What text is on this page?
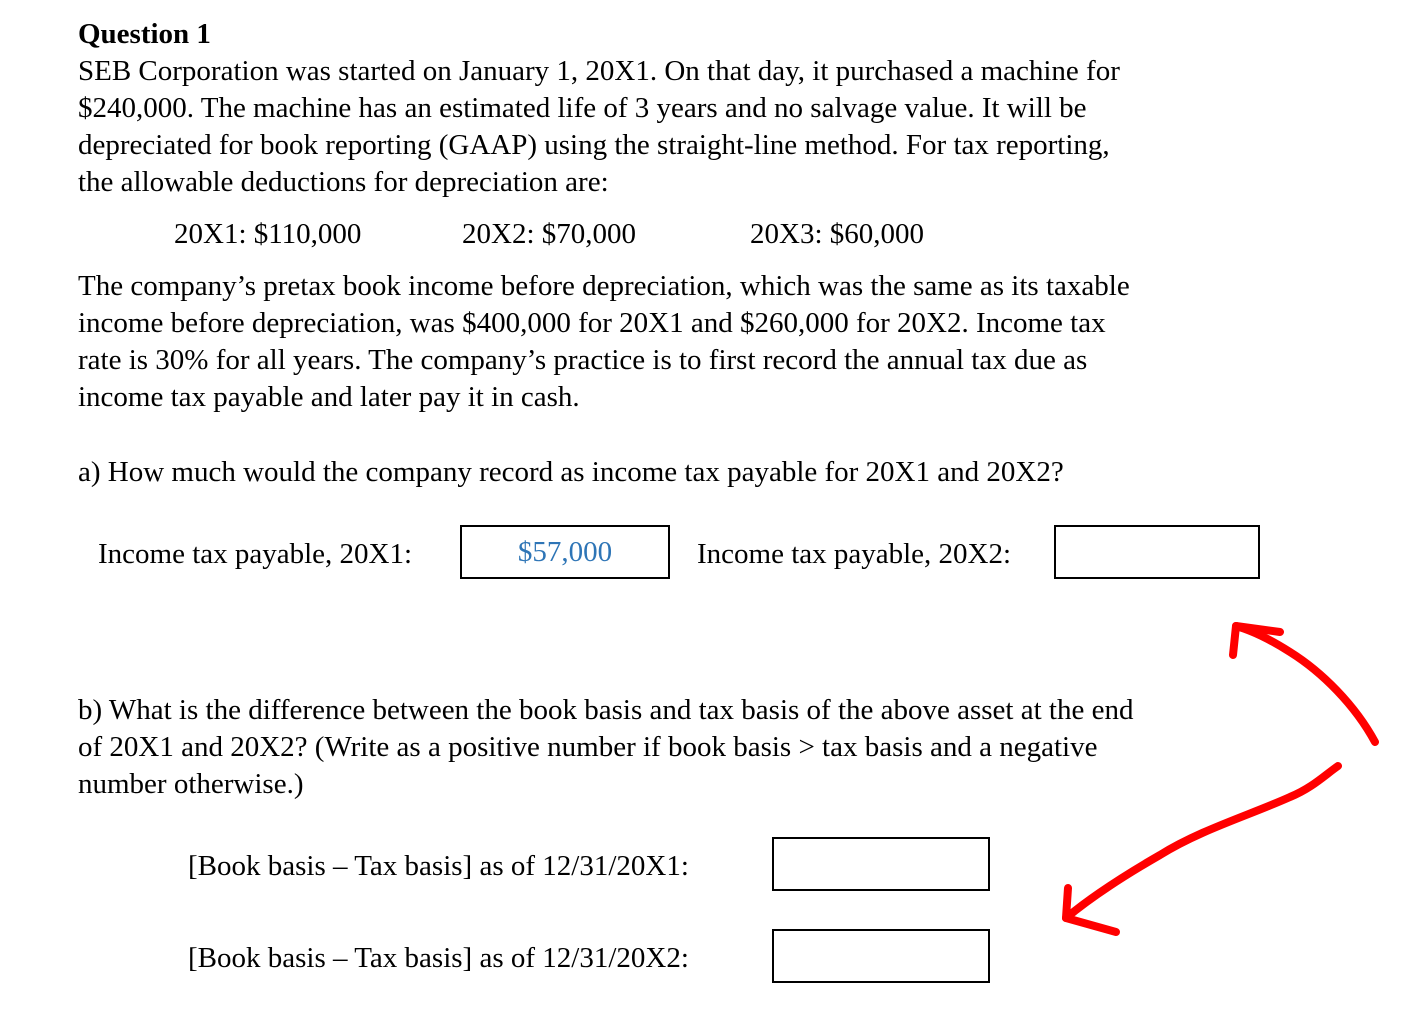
Question 1
SEB Corporation was started on January 1, 20X1. On that day, it purchased a machine for
$240,000. The machine has an estimated life of 3 years and no salvage value. It will be
depreciated for book reporting (GAAP) using the straight-line method. For tax reporting,
the allowable deductions for depreciation are:
20X1: $110,000	20X2: $70,000	20X3: $60,000
The company’s pretax book income before depreciation, which was the same as its taxable
income before depreciation, was $400,000 for 20X1 and $260,000 for 20X2. Income tax
rate is 30% for all years. The company’s practice is to first record the annual tax due as
income tax payable and later pay it in cash.
a) How much would the company record as income tax payable for 20X1 and 20X2?
Income tax payable, 20X1:
$57,000	Income tax payable, 20X2:
b) What is the difference between the book basis and tax basis of the above asset at the end
of 20X1 and 20X2? (Write as a positive number if book basis > tax basis and a negative
number otherwise.)
[Book basis – Tax basis] as of 12/31/20X1:
[Book basis – Tax basis] as of 12/31/20X2:
